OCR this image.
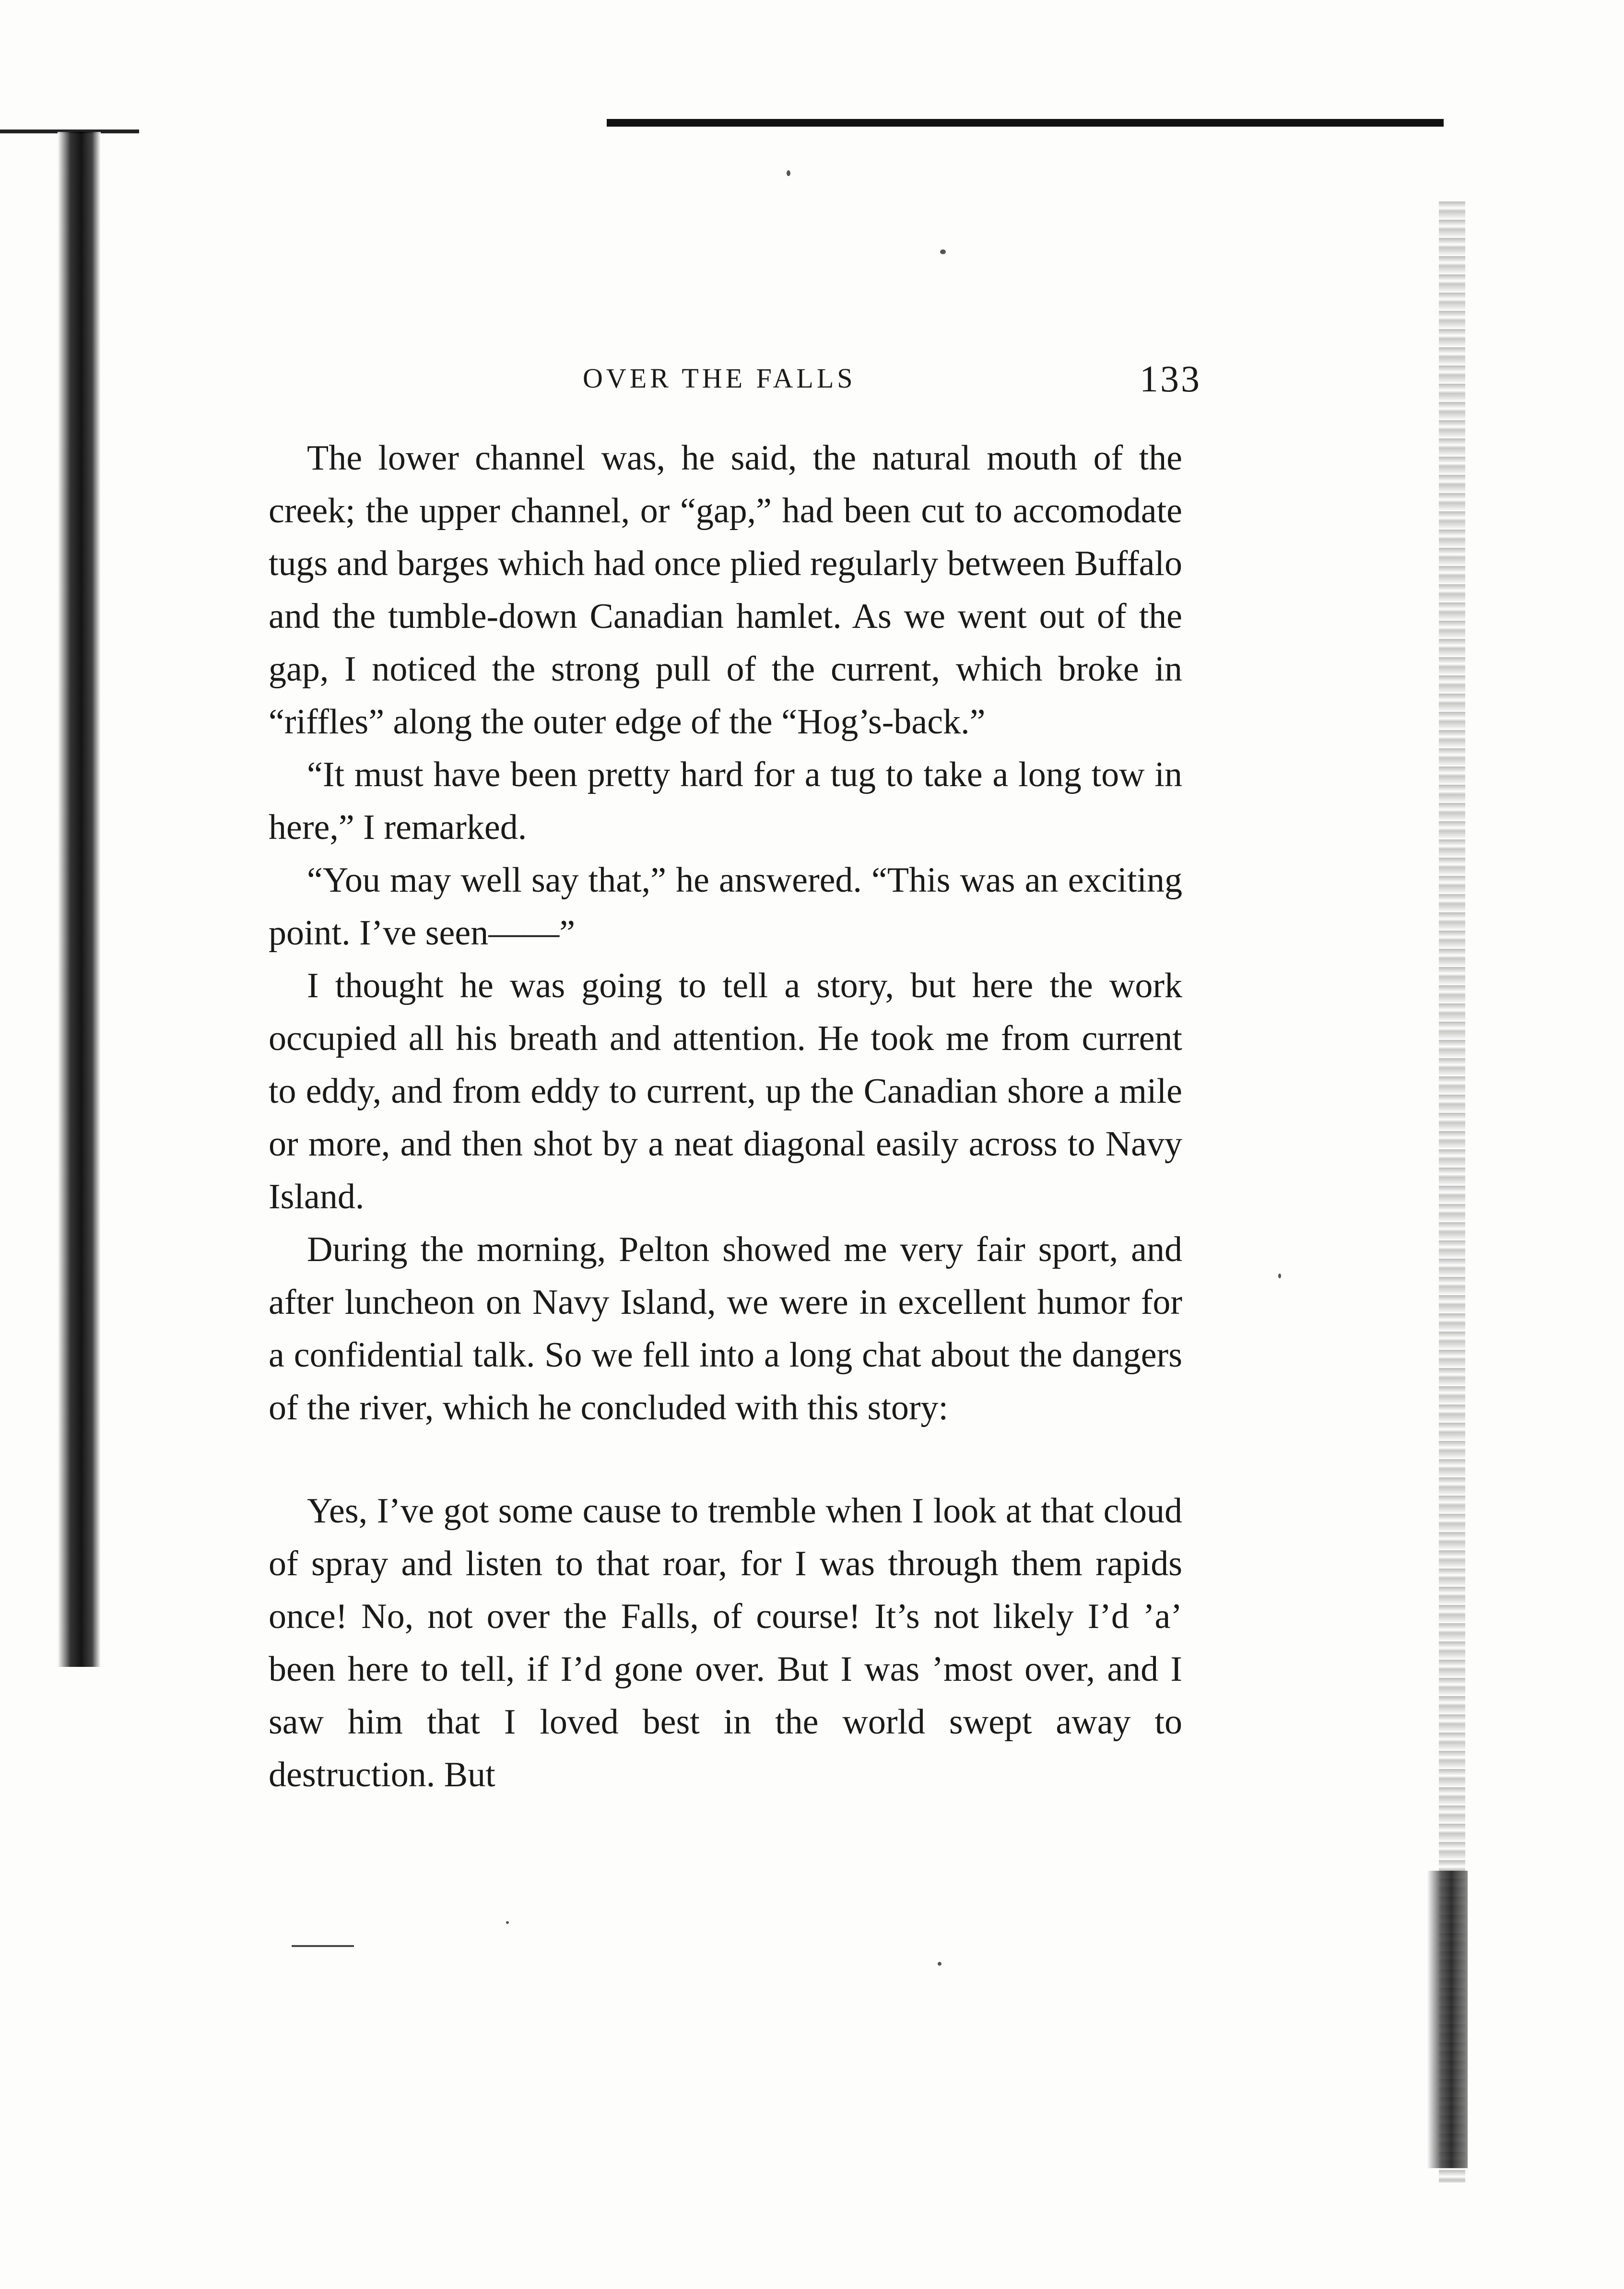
OVER THE FALLS	133

The lower channel was, he said, the natural mouth of the creek; the upper channel, or “gap,” had been cut to accomodate tugs and barges which had once plied regularly between Buffalo and the tumble-down Canadian hamlet. As we went out of the gap, I noticed the strong pull of the current, which broke in “riffles” along the outer edge of the “Hog’s-back.”

“It must have been pretty hard for a tug to take a long tow in here,” I remarked.

“You may well say that,” he answered. “This was an exciting point. I’ve seen——”

I thought he was going to tell a story, but here the work occupied all his breath and attention. He took me from current to eddy, and from eddy to current, up the Canadian shore a mile or more, and then shot by a neat diagonal easily across to Navy Island.

During the morning, Pelton showed me very fair sport, and after luncheon on Navy Island, we were in excellent humor for a confidential talk. So we fell into a long chat about the dangers of the river, which he concluded with this story:

Yes, I’ve got some cause to tremble when I look at that cloud of spray and listen to that roar, for I was through them rapids once! No, not over the Falls, of course! It’s not likely I’d ’a’ been here to tell, if I’d gone over. But I was ’most over, and I saw him that I loved best in the world swept away to destruction. But
